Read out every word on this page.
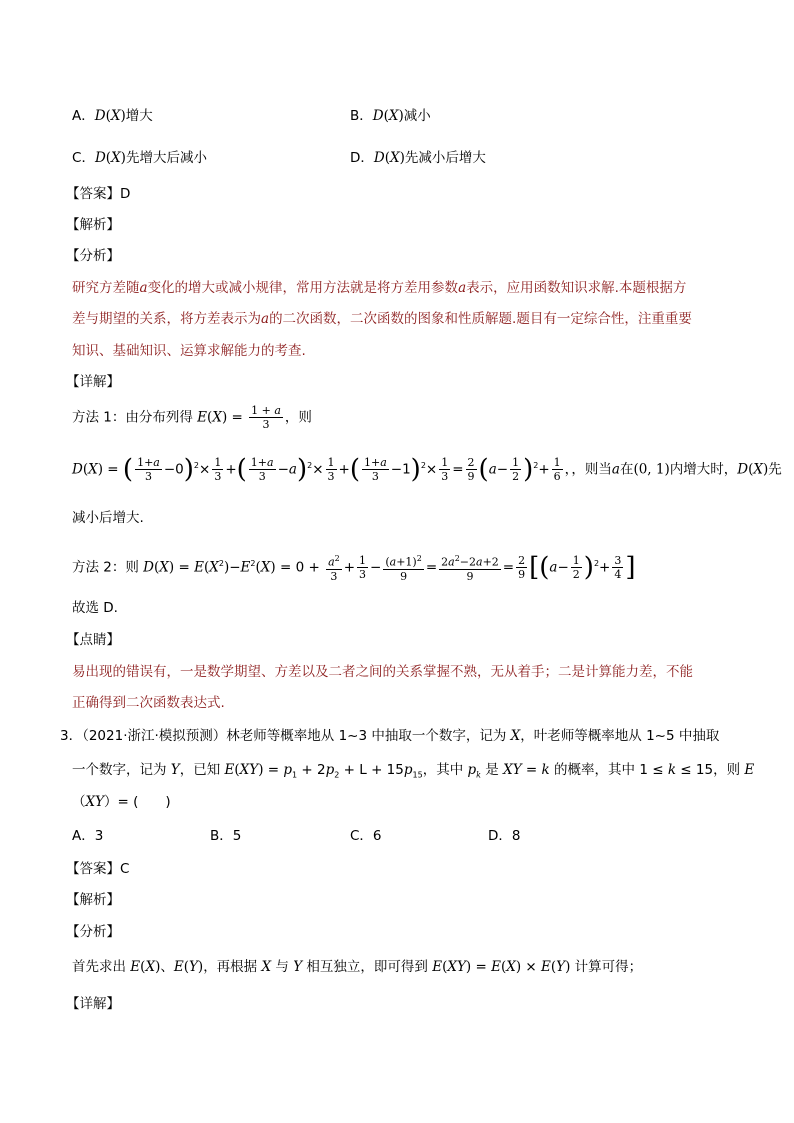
A．D(X)增大	B．D(X)减小
C．D(X)先增大后减小	D．D(X)先减小后增大
【答案】D
【解析】
【分析】
研究方差随a变化的增大或减小规律，常用方法就是将方差用参数a表示，应用函数知识求解.本题根据方
差与期望的关系，将方差表示为a的二次函数，二次函数的图象和性质解题.题目有一定综合性，注重重要
知识、基础知识、运算求解能力的考查.
【详解】
方法 1：由分布列得 $E(X) = \frac{1 + a}{3}$ ，则
D(X) = ( $\frac{1+a}{3} -0)^2\times \frac{1}{3}$ +( $\frac{1+a}{3} -a)^2\times \frac{1}{3}$ +( $\frac{1+a}{3} -1)^2\times \frac{1}{3} = \frac{2}{9} (a- \frac{1}{2} )^2+ \frac{1}{6}$ ，，则当a在(0, 1)内增大时，D(X)先
减小后增大.
方法 2：则 $D(X) = E(X^2)-E^2(X) = 0 + \frac{a^2}{3} + \frac{1}{3} - \frac{(a+1)^2}{9} = \frac{2a^2-2a+2}{9} = \frac{2}{9} [(a- \frac{1}{2} )^2+ \frac{3}{4}$ ]
故选 D.
【点睛】
易出现的错误有，一是数学期望、方差以及二者之间的关系掌握不熟，无从着手；二是计算能力差，不能
正确得到二次函数表达式.
3．（2021·浙江·模拟预测）林老师等概率地从 1~3 中抽取一个数字，记为 X，叶老师等概率地从 1~5 中抽取
一个数字，记为 Y，已知 $E(XY) = p_1 + 2p_2 + L + 15p_{15}$，其中 $p_k$ 是 XY = k 的概率，其中 1 ≤ k ≤ 15，则 E
（XY）= (　　)
A．3	B．5	C．6	D．8
【答案】C
【解析】
【分析】
首先求出 E(X)、E(Y)，再根据 X 与 Y 相互独立，即可得到 E(XY) = E(X) × E(Y) 计算可得；
【详解】
